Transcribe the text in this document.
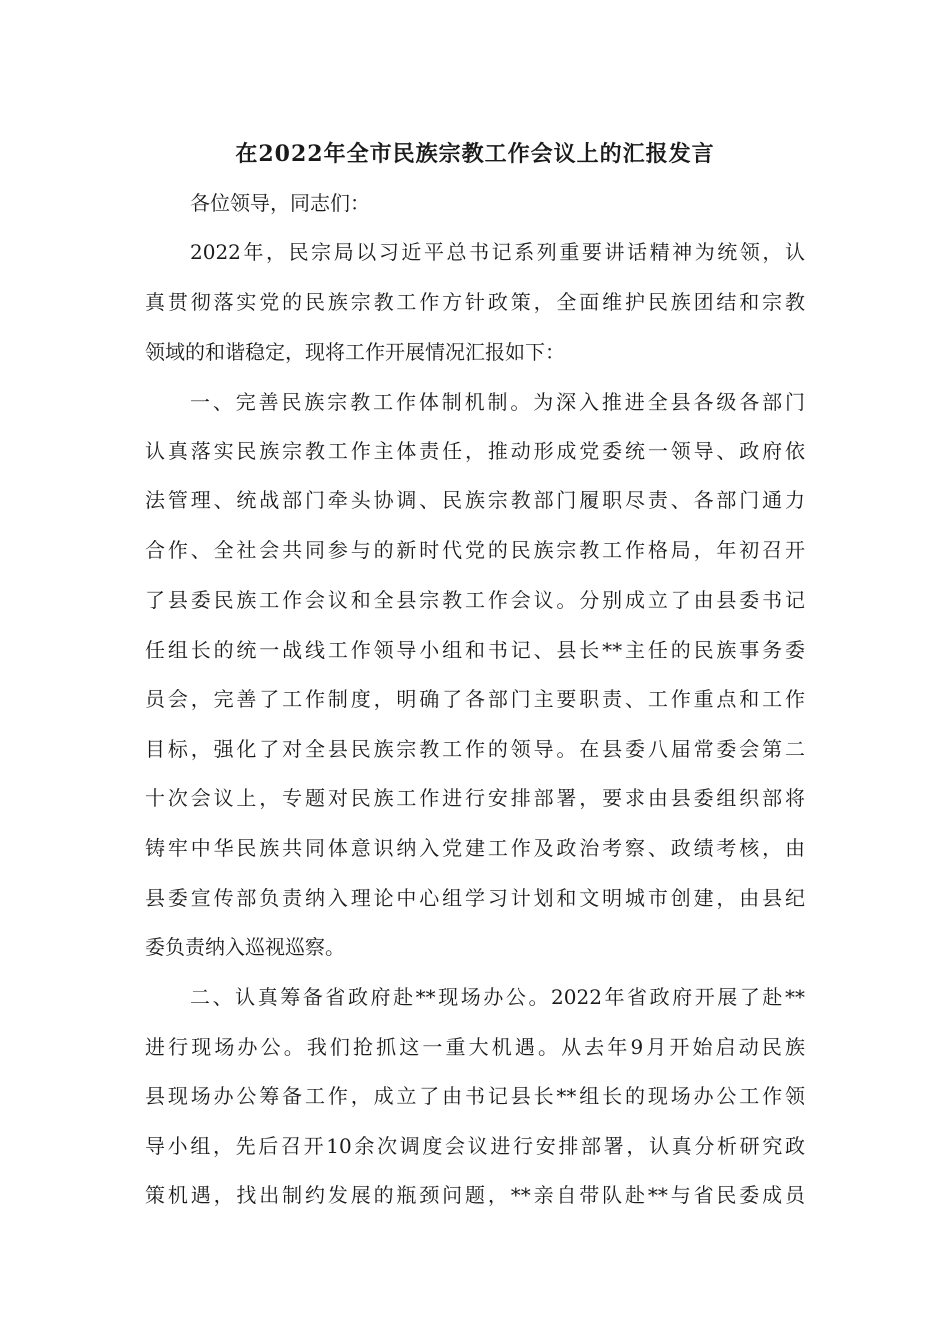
在2022年全市民族宗教工作会议上的汇报发言
各位领导，同志们：
2022年，民宗局以习近平总书记系列重要讲话精神为统领，认
真贯彻落实党的民族宗教工作方针政策，全面维护民族团结和宗教
领域的和谐稳定，现将工作开展情况汇报如下：
一、完善民族宗教工作体制机制。为深入推进全县各级各部门
认真落实民族宗教工作主体责任，推动形成党委统一领导、政府依
法管理、统战部门牵头协调、民族宗教部门履职尽责、各部门通力
合作、全社会共同参与的新时代党的民族宗教工作格局，年初召开
了县委民族工作会议和全县宗教工作会议。分别成立了由县委书记
任组长的统一战线工作领导小组和书记、县长**主任的民族事务委
员会，完善了工作制度，明确了各部门主要职责、工作重点和工作
目标，强化了对全县民族宗教工作的领导。在县委八届常委会第二
十次会议上，专题对民族工作进行安排部署，要求由县委组织部将
铸牢中华民族共同体意识纳入党建工作及政治考察、政绩考核，由
县委宣传部负责纳入理论中心组学习计划和文明城市创建，由县纪
委负责纳入巡视巡察。
二、认真筹备省政府赴**现场办公。2022年省政府开展了赴**
进行现场办公。我们抢抓这一重大机遇。从去年9月开始启动民族
县现场办公筹备工作，成立了由书记县长**组长的现场办公工作领
导小组，先后召开10余次调度会议进行安排部署，认真分析研究政
策机遇，找出制约发展的瓶颈问题，**亲自带队赴**与省民委成员
